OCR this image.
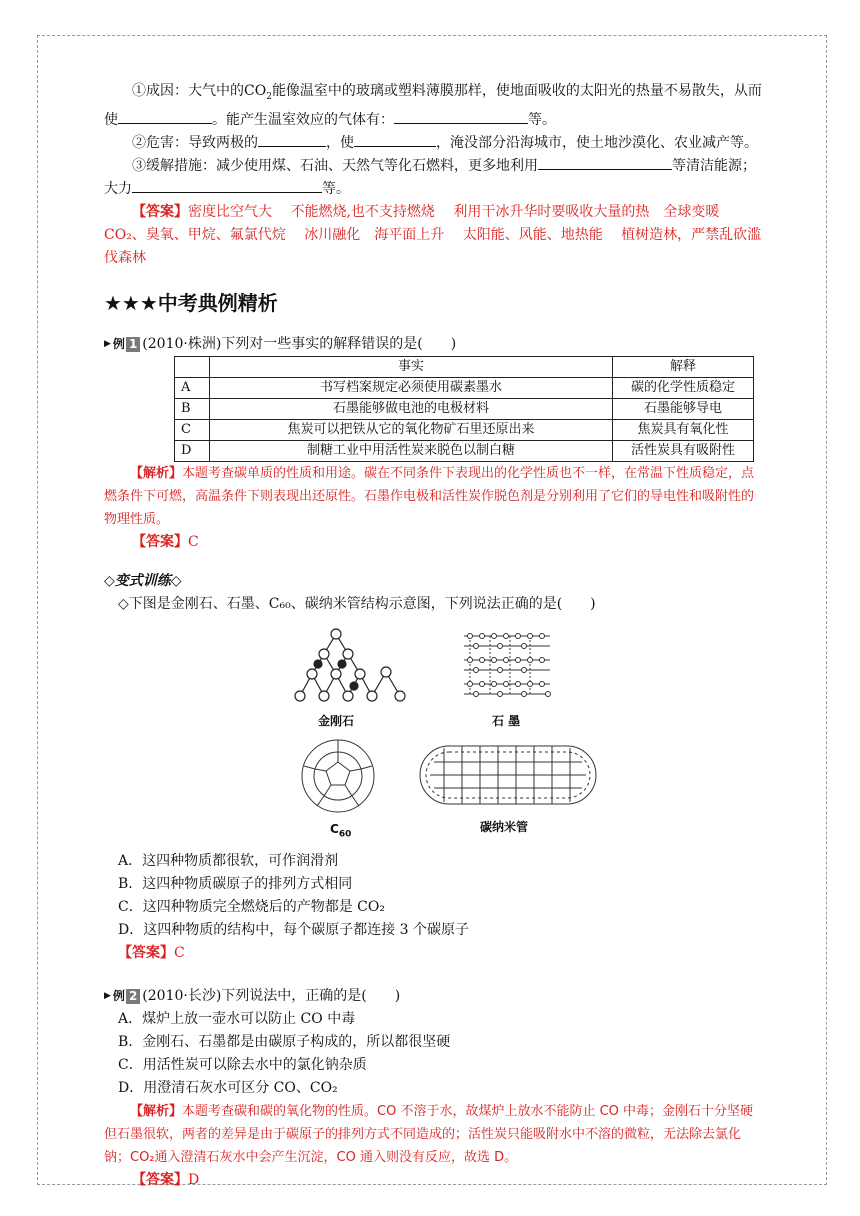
①成因：大气中的$CO_2$能像温室中的玻璃或塑料薄膜那样，使地面吸收的太阳光的热量不易散失，从而使	。能产生温室效应的气体有：	等。

②危害：导致两极的	，使	，淹没部分沿海城市，使土地沙漠化、农业减产等。

③缓解措施：减少使用煤、石油、天然气等化石燃料，更多地利用	等清洁能源；大力	等。

【答案】密度比空气大　 不能燃烧,也不支持燃烧　 利用干冰升华时要吸收大量的热　全球变暖　 CO₂、臭氧、甲烷、氟氯代烷　 冰川融化　海平面上升　 太阳能、风能、地热能　 植树造林，严禁乱砍滥伐森林

★★★中考典例精析
▶ 例 1 (2010·株洲)下列对一些事实的解释错误的是(　　)
	事实	解释
A	书写档案规定必须使用碳素墨水	碳的化学性质稳定
B	石墨能够做电池的电极材料	石墨能够导电
C	焦炭可以把铁从它的氧化物矿石里还原出来	焦炭具有氧化性
D	制糖工业中用活性炭来脱色以制白糖	活性炭具有吸附性

【解析】本题考查碳单质的性质和用途。碳在不同条件下表现出的化学性质也不一样，在常温下性质稳定，点燃条件下可燃，高温条件下则表现出还原性。石墨作电极和活性炭作脱色剂是分别利用了它们的导电性和吸附性的物理性质。

【答案】C

◇变式训练◇

◇下图是金刚石、石墨、C₆₀、碳纳米管结构示意图，下列说法正确的是(　　)

金刚石	石 墨
$C_{60}$
碳纳米管

A．这四种物质都很软，可作润滑剂

B．这四种物质碳原子的排列方式相同

C．这四种物质完全燃烧后的产物都是 CO₂

D．这四种物质的结构中，每个碳原子都连接 3 个碳原子

【答案】C

▶ 例 2 (2010·长沙)下列说法中，正确的是(　　)

A．煤炉上放一壶水可以防止 CO 中毒

B．金刚石、石墨都是由碳原子构成的，所以都很坚硬

C．用活性炭可以除去水中的氯化钠杂质

D．用澄清石灰水可区分 CO、CO₂

【解析】本题考查碳和碳的氧化物的性质。CO 不溶于水，故煤炉上放水不能防止 CO 中毒；金刚石十分坚硬但石墨很软，两者的差异是由于碳原子的排列方式不同造成的；活性炭只能吸附水中不溶的微粒，无法除去氯化钠；CO₂通入澄清石灰水中会产生沉淀，CO 通入则没有反应，故选 D。

【答案】D
